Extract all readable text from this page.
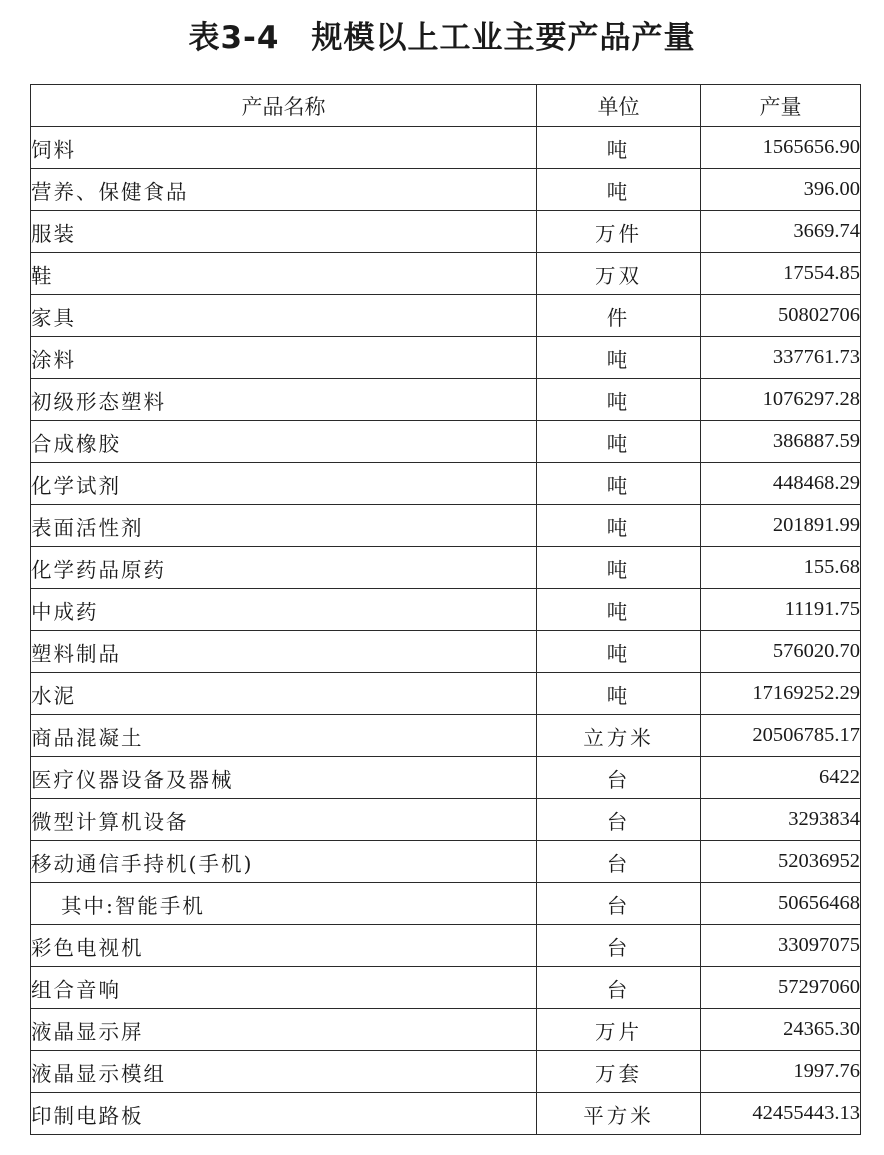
表3-4　规模以上工业主要产品产量
产品名称	单位	产量
饲料	吨	1565656.90
营养、保健食品	吨	396.00
服装	万件	3669.74
鞋	万双	17554.85
家具	件	50802706
涂料	吨	337761.73
初级形态塑料	吨	1076297.28
合成橡胶	吨	386887.59
化学试剂	吨	448468.29
表面活性剂	吨	201891.99
化学药品原药	吨	155.68
中成药	吨	11191.75
塑料制品	吨	576020.70
水泥	吨	17169252.29
商品混凝土	立方米	20506785.17
医疗仪器设备及器械	台	6422
微型计算机设备	台	3293834
移动通信手持机(手机)	台	52036952
其中:智能手机	台	50656468
彩色电视机	台	33097075
组合音响	台	57297060
液晶显示屏	万片	24365.30
液晶显示模组	万套	1997.76
印制电路板	平方米	42455443.13
